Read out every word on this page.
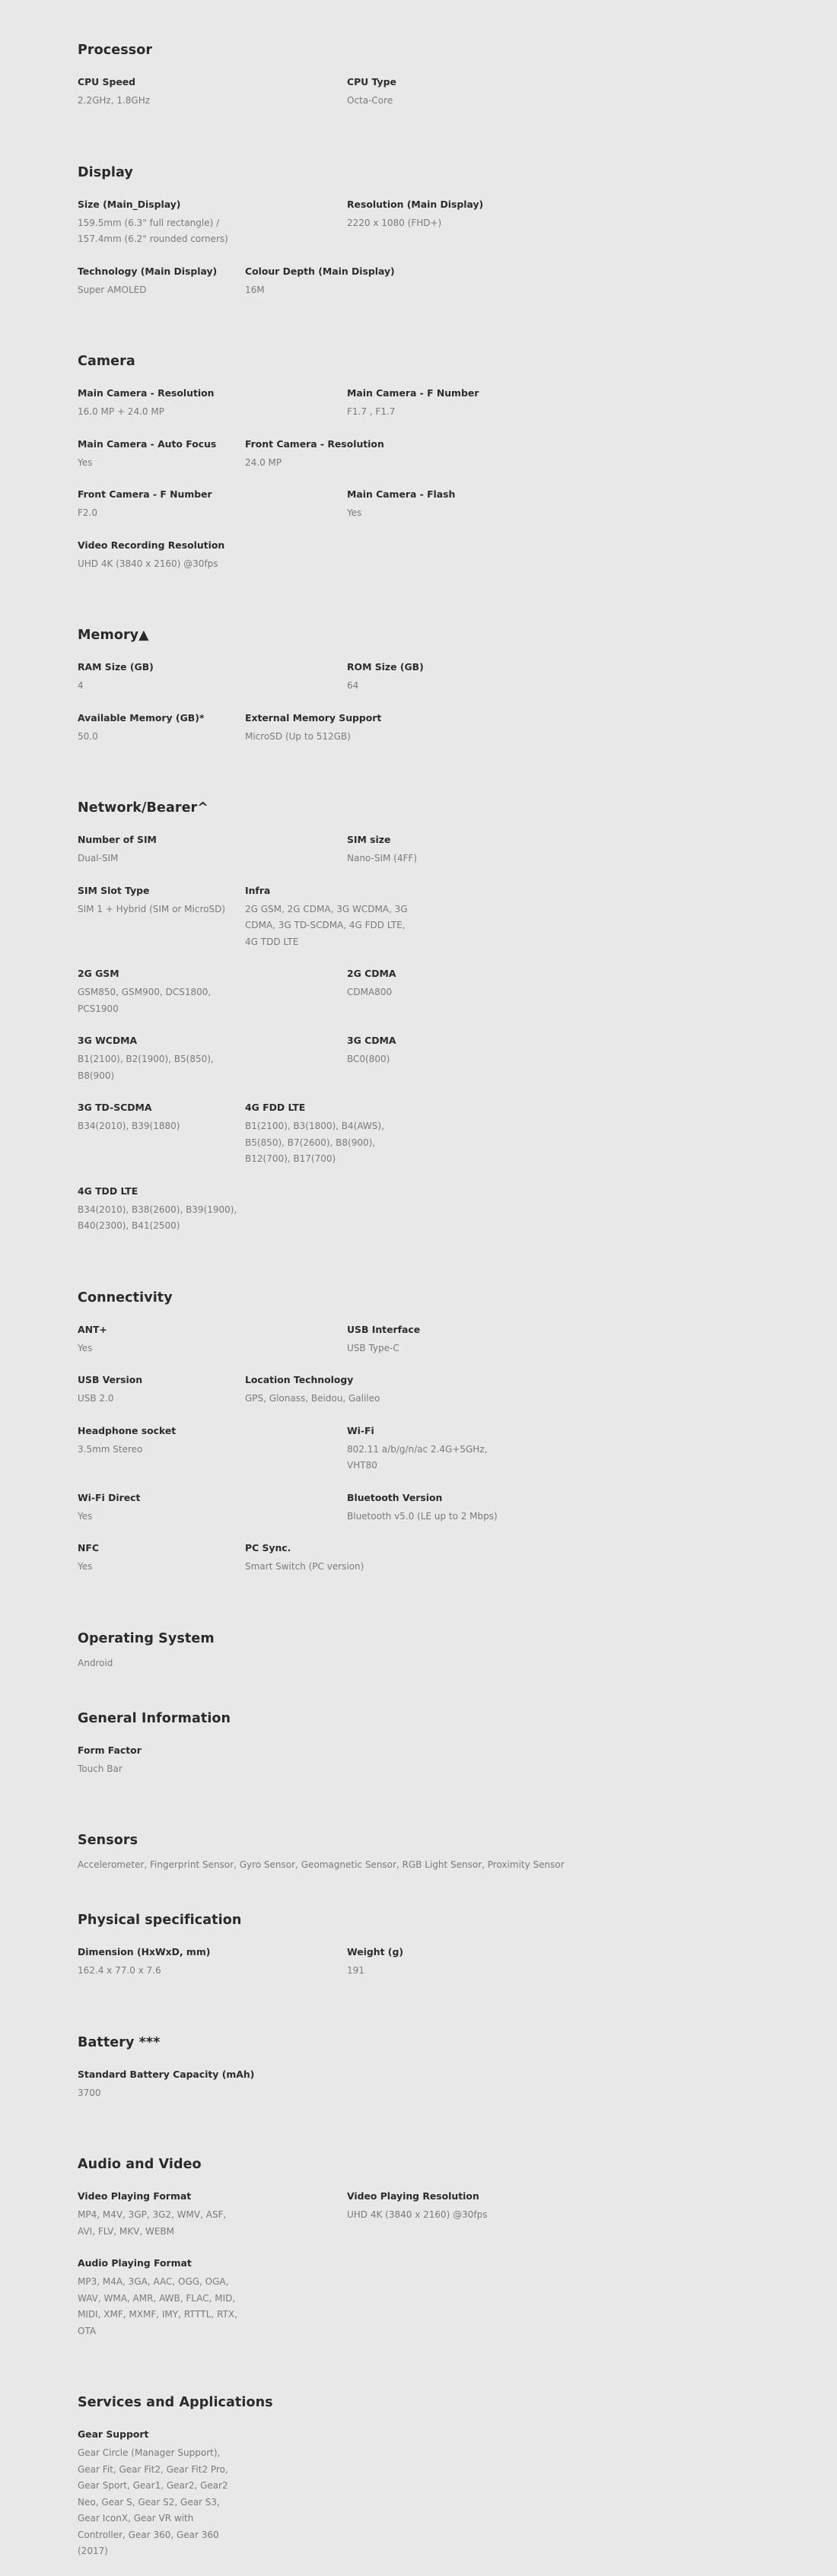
Processor
CPU Speed
2.2GHz, 1.8GHz
CPU Type
Octa-Core
Display
Size (Main_Display)
159.5mm (6.3" full rectangle) / 157.4mm (6.2" rounded corners)
Resolution (Main Display)
2220 x 1080 (FHD+)
Technology (Main Display)
Super AMOLED
Colour Depth (Main Display)
16M
Camera
Main Camera - Resolution
16.0 MP + 24.0 MP
Main Camera - F Number
F1.7 , F1.7
Main Camera - Auto Focus
Yes
Front Camera - Resolution
24.0 MP
Front Camera - F Number
F2.0
Main Camera - Flash
Yes
Video Recording Resolution
UHD 4K (3840 x 2160) @30fps
Memory▲
RAM Size (GB)
4
ROM Size (GB)
64
Available Memory (GB)*
50.0
External Memory Support
MicroSD (Up to 512GB)
Network/Bearer^
Number of SIM
Dual-SIM
SIM size
Nano-SIM (4FF)
SIM Slot Type
SIM 1 + Hybrid (SIM or MicroSD)
Infra
2G GSM, 2G CDMA, 3G WCDMA, 3G CDMA, 3G TD-SCDMA, 4G FDD LTE, 4G TDD LTE
2G GSM
GSM850, GSM900, DCS1800, PCS1900
2G CDMA
CDMA800
3G WCDMA
B1(2100), B2(1900), B5(850), B8(900)
3G CDMA
BC0(800)
3G TD-SCDMA
B34(2010), B39(1880)
4G FDD LTE
B1(2100), B3(1800), B4(AWS), B5(850), B7(2600), B8(900), B12(700), B17(700)
4G TDD LTE
B34(2010), B38(2600), B39(1900), B40(2300), B41(2500)
Connectivity
ANT+
Yes
USB Interface
USB Type-C
USB Version
USB 2.0
Location Technology
GPS, Glonass, Beidou, Galileo
Headphone socket
3.5mm Stereo
Wi-Fi
802.11 a/b/g/n/ac 2.4G+5GHz, VHT80
Wi-Fi Direct
Yes
Bluetooth Version
Bluetooth v5.0 (LE up to 2 Mbps)
NFC
Yes
PC Sync.
Smart Switch (PC version)
Operating System
Android
General Information
Form Factor
Touch Bar
Sensors
Accelerometer, Fingerprint Sensor, Gyro Sensor, Geomagnetic Sensor, RGB Light Sensor, Proximity Sensor
Physical specification
Dimension (HxWxD, mm)
162.4 x 77.0 x 7.6
Weight (g)
191
Battery ***
Standard Battery Capacity (mAh)
3700
Audio and Video
Video Playing Format
MP4, M4V, 3GP, 3G2, WMV, ASF, AVI, FLV, MKV, WEBM
Video Playing Resolution
UHD 4K (3840 x 2160) @30fps
Audio Playing Format
MP3, M4A, 3GA, AAC, OGG, OGA, WAV, WMA, AMR, AWB, FLAC, MID, MIDI, XMF, MXMF, IMY, RTTTL, RTX, OTA
Services and Applications
Gear Support
Gear Circle (Manager Support), Gear Fit, Gear Fit2, Gear Fit2 Pro, Gear Sport, Gear1, Gear2, Gear2 Neo, Gear S, Gear S2, Gear S3, Gear IconX, Gear VR with Controller, Gear 360, Gear 360 (2017)
